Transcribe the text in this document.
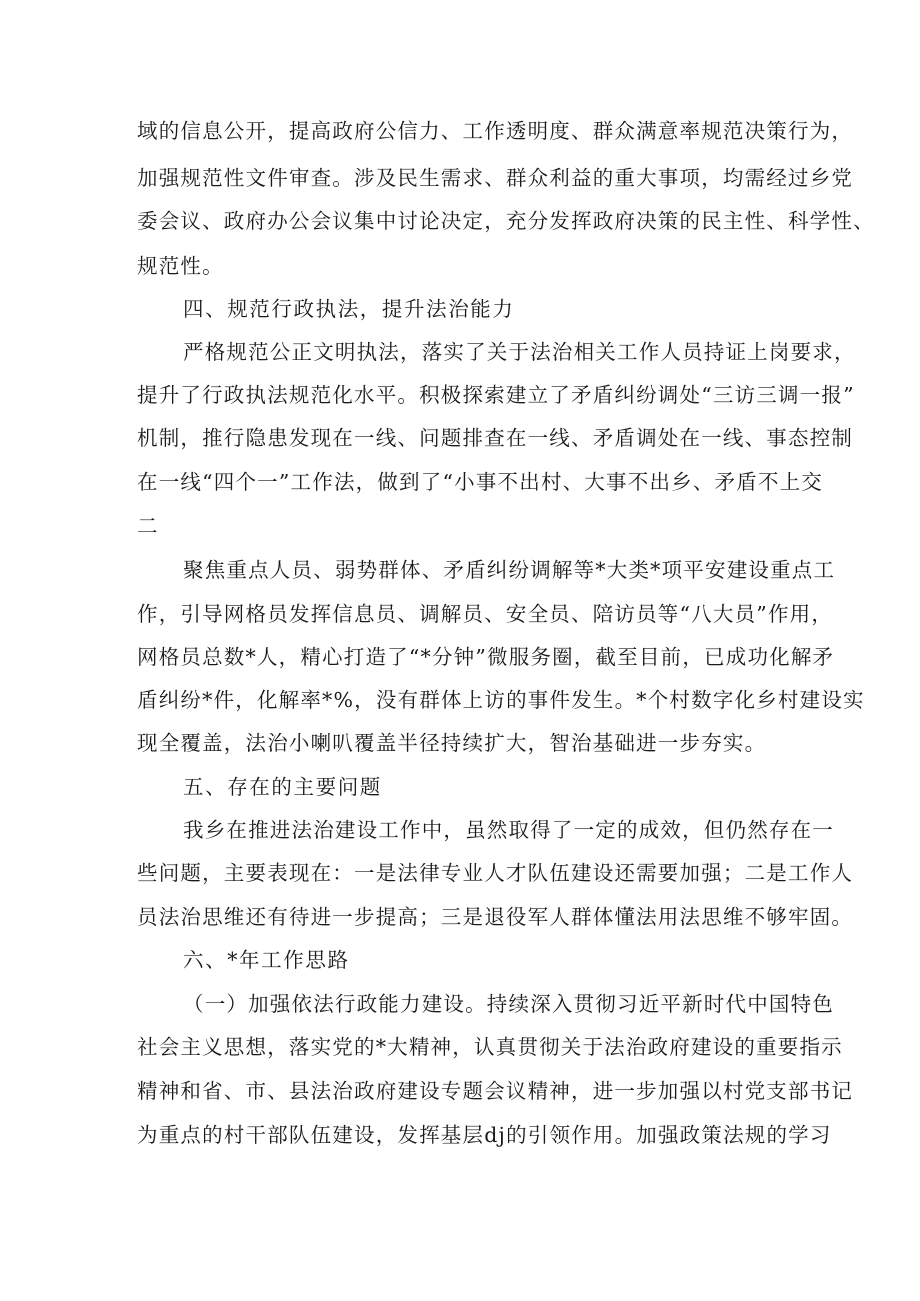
域的信息公开，提高政府公信力、工作透明度、群众满意率规范决策行为，
加强规范性文件审查。涉及民生需求、群众利益的重大事项，均需经过乡党
委会议、政府办公会议集中讨论决定，充分发挥政府决策的民主性、科学性、
规范性。
四、规范行政执法，提升法治能力
严格规范公正文明执法，落实了关于法治相关工作人员持证上岗要求，
提升了行政执法规范化水平。积极探索建立了矛盾纠纷调处“三访三调一报”
机制，推行隐患发现在一线、问题排查在一线、矛盾调处在一线、事态控制
在一线“四个一”工作法，做到了“小事不出村、大事不出乡、矛盾不上交
二
聚焦重点人员、弱势群体、矛盾纠纷调解等*大类*项平安建设重点工
作，引导网格员发挥信息员、调解员、安全员、陪访员等“八大员”作用，
网格员总数*人，精心打造了“*分钟”微服务圈，截至目前，已成功化解矛
盾纠纷*件，化解率*%，没有群体上访的事件发生。*个村数字化乡村建设实
现全覆盖，法治小喇叭覆盖半径持续扩大，智治基础进一步夯实。
五、存在的主要问题
我乡在推进法治建设工作中，虽然取得了一定的成效，但仍然存在一
些问题，主要表现在：一是法律专业人才队伍建设还需要加强；二是工作人
员法治思维还有待进一步提高；三是退役军人群体懂法用法思维不够牢固。
六、*年工作思路
（一）加强依法行政能力建设。持续深入贯彻习近平新时代中国特色
社会主义思想，落实党的*大精神，认真贯彻关于法治政府建设的重要指示
精神和省、市、县法治政府建设专题会议精神，进一步加强以村党支部书记
为重点的村干部队伍建设，发挥基层dj的引领作用。加强政策法规的学习
